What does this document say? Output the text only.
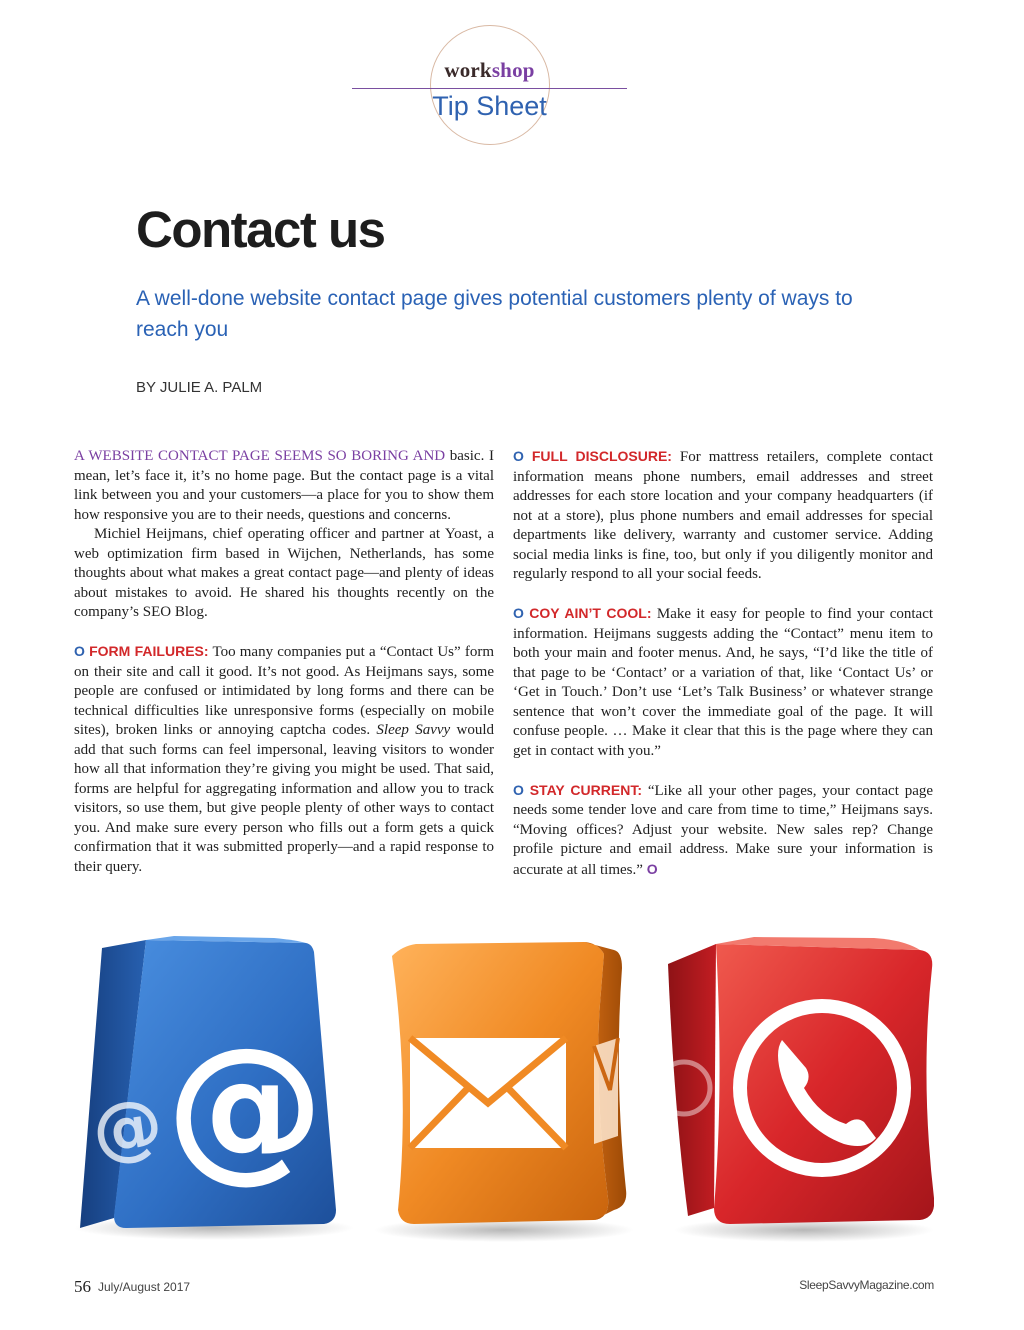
workshop
Tip Sheet
Contact us
A well-done website contact page gives potential customers plenty of ways to reach you
BY JULIE A. PALM

A WEBSITE CONTACT PAGE SEEMS SO BORING AND basic. I mean, let’s face it, it’s no home page. But the contact page is a vital link between you and your customers—a place for you to show them how responsive you are to their needs, questions and concerns.

Michiel Heijmans, chief operating officer and partner at Yoast, a web optimization firm based in Wijchen, Netherlands, has some thoughts about what makes a great contact page—and plenty of ideas about mistakes to avoid. He shared his thoughts recently on the company’s SEO Blog.

O FORM FAILURES: Too many companies put a “Contact Us” form on their site and call it good. It’s not good. As Heijmans says, some people are confused or intimidated by long forms and there can be technical difficulties like unresponsive forms (especially on mobile sites), broken links or annoying captcha codes. Sleep Savvy would add that such forms can feel impersonal, leaving visitors to wonder how all that information they’re giving you might be used. That said, forms are helpful for aggregating information and allow you to track visitors, so use them, but give people plenty of other ways to contact you. And make sure every person who fills out a form gets a quick confirmation that it was submitted properly—and a rapid response to their query.

O FULL DISCLOSURE: For mattress retailers, complete contact information means phone numbers, email addresses and street addresses for each store location and your company headquarters (if not at a store), plus phone numbers and email addresses for special departments like delivery, warranty and customer service. Adding social media links is fine, too, but only if you diligently monitor and regularly respond to all your social feeds.

O COY AIN’T COOL: Make it easy for people to find your contact information. Heijmans suggests adding the “Contact” menu item to both your main and footer menus. And, he says, “I’d like the title of that page to be ‘Contact’ or a variation of that, like ‘Contact Us’ or ‘Get in Touch.’ Don’t use ‘Let’s Talk Business’ or whatever strange sentence that won’t cover the immediate goal of the page. It will confuse people. … Make it clear that this is the page where they can get in contact with you.”

O STAY CURRENT: “Like all your other pages, your contact page needs some tender love and care from time to time,” Heijmans says. “Moving offices? Adjust your website. New sales rep? Change profile picture and email address. Make sure your information is accurate at all times.” O

@
@
56 July/August 2017	SleepSavvyMagazine.com
